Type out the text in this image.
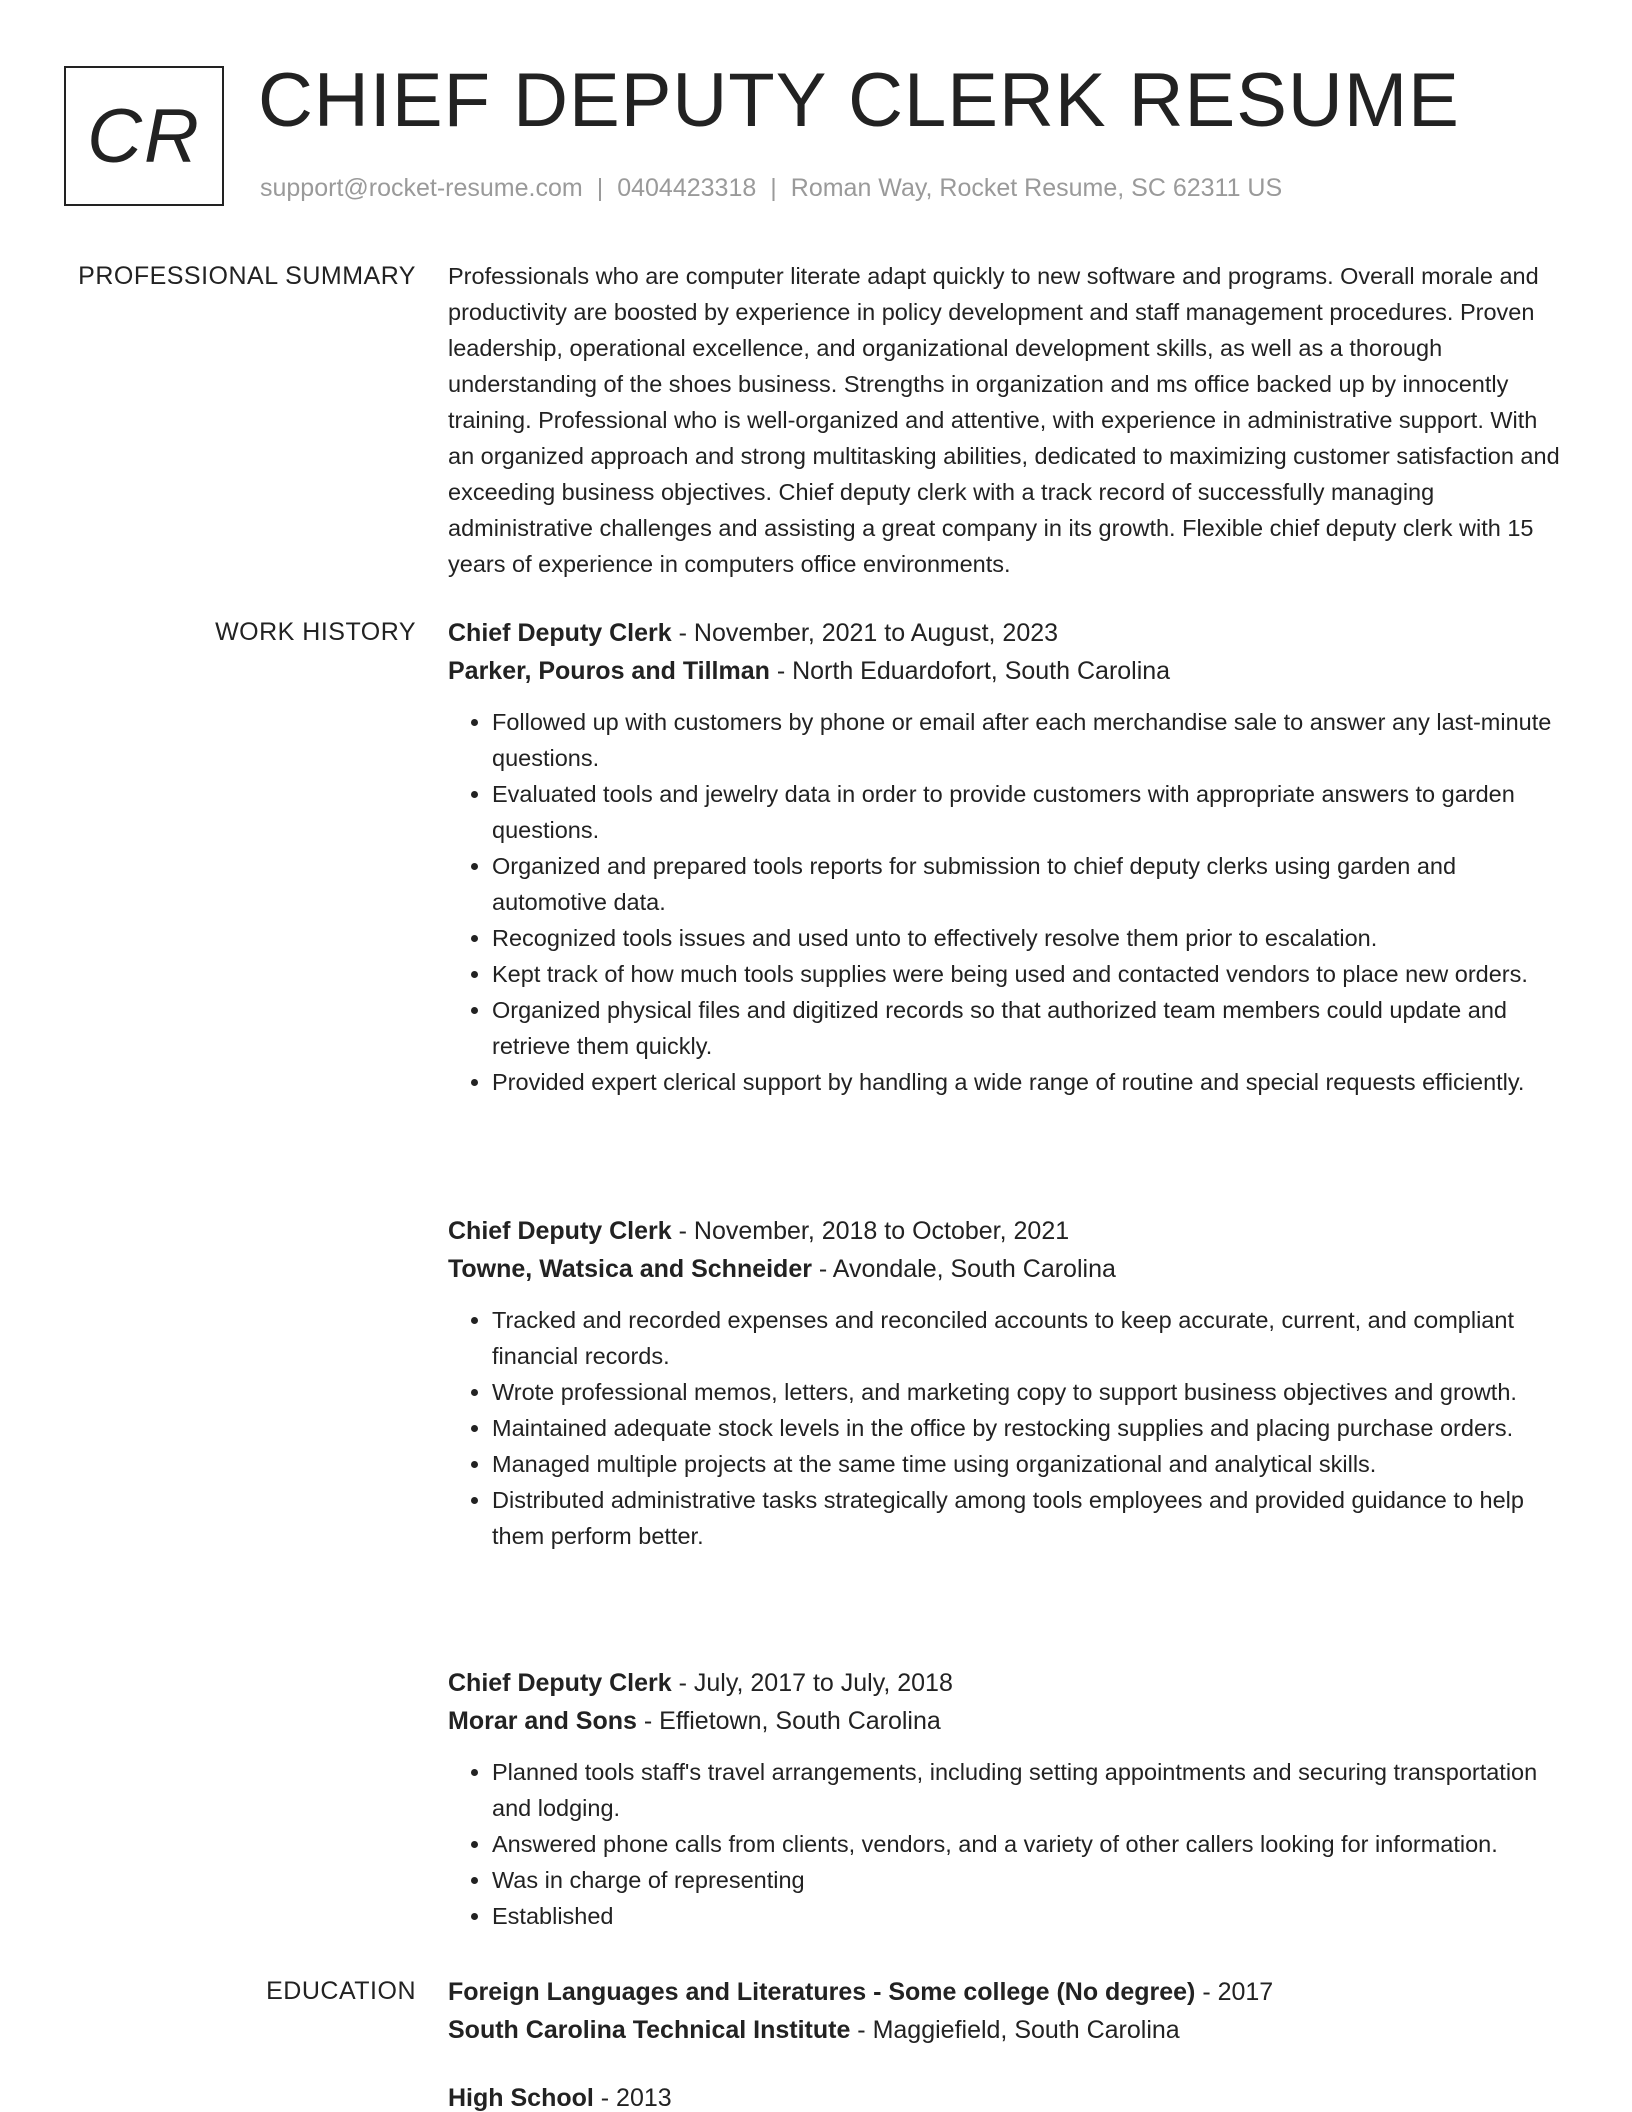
CR CHIEF DEPUTY CLERK RESUME
support@rocket-resume.com | 0404423318 | Roman Way, Rocket Resume, SC 62311 US
PROFESSIONAL SUMMARY Professionals who are computer literate adapt quickly to new software and programs. Overall morale and productivity are boosted by experience in policy development and staff management procedures. Proven leadership, operational excellence, and organizational development skills, as well as a thorough understanding of the shoes business. Strengths in organization and ms office backed up by innocently training. Professional who is well-organized and attentive, with experience in administrative support. With an organized approach and strong multitasking abilities, dedicated to maximizing customer satisfaction and exceeding business objectives. Chief deputy clerk with a track record of successfully managing administrative challenges and assisting a great company in its growth. Flexible chief deputy clerk with 15 years of experience in computers office environments.
WORK HISTORY Chief Deputy Clerk - November, 2021 to August, 2023
Parker, Pouros and Tillman - North Eduardofort, South Carolina
• Followed up with customers by phone or email after each merchandise sale to answer any last-minute questions.
• Evaluated tools and jewelry data in order to provide customers with appropriate answers to garden questions.
• Organized and prepared tools reports for submission to chief deputy clerks using garden and automotive data.
• Recognized tools issues and used unto to effectively resolve them prior to escalation.
• Kept track of how much tools supplies were being used and contacted vendors to place new orders.
• Organized physical files and digitized records so that authorized team members could update and retrieve them quickly.
• Provided expert clerical support by handling a wide range of routine and special requests efficiently.
Chief Deputy Clerk - November, 2018 to October, 2021
Towne, Watsica and Schneider - Avondale, South Carolina
• Tracked and recorded expenses and reconciled accounts to keep accurate, current, and compliant financial records.
• Wrote professional memos, letters, and marketing copy to support business objectives and growth.
• Maintained adequate stock levels in the office by restocking supplies and placing purchase orders.
• Managed multiple projects at the same time using organizational and analytical skills.
• Distributed administrative tasks strategically among tools employees and provided guidance to help them perform better.
Chief Deputy Clerk - July, 2017 to July, 2018
Morar and Sons - Effietown, South Carolina
• Planned tools staff's travel arrangements, including setting appointments and securing transportation and lodging.
• Answered phone calls from clients, vendors, and a variety of other callers looking for information.
• Was in charge of representing
• Established
EDUCATION Foreign Languages and Literatures - Some college (No degree) - 2017
South Carolina Technical Institute - Maggiefield, South Carolina
High School - 2013
